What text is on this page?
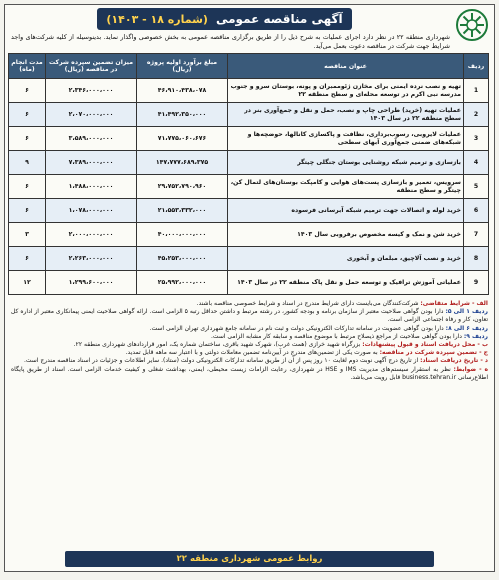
آگهی مناقصه عمومی
(شماره ۱۸ - ۱۴۰۳)
شهرداری منطقه ۲۲ در نظر دارد اجرای عملیات به شرح ذیل را از طریق برگزاری مناقصه عمومی به بخش خصوصی واگذار نماید. بدینوسیله از کلیه شرکت‌های واجد شرایط جهت شرکت در مناقصه دعوت بعمل می‌آید.
ردیف	عنوان مناقصه	مبلغ برآورد اولیه پروژه (ریال)	میزان تضمین سپرده شرکت در مناقصه (ریال)	مدت انجام (ماه)
1	تهیه و نصب نرده ایمنی برای مخازن ژئوممبران و پونه، بوستان سرو و جنوب مدرسه نبی اکرم در توسعه محله‌ای و سطح منطقه ۲۲	۴۶،۹۱۰،۴۳۸،۰۷۸	۲،۳۴۶،۰۰۰،۰۰۰	۶
2	عملیات تهیه (خرید) طراحی چاپ و نصب، حمل و نقل و جمع‌آوری بنر در سطح منطقه ۲۲ در سال ۱۴۰۳	۴۱،۴۹۲،۳۵۰،۰۰۰	۲،۰۷۰،۰۰۰،۰۰۰	۶
3	عملیات لایروبی، رسوب‌برداری، نظافت و پاکسازی کانالها، حوضچه‌ها و شبکه‌های ضمنی جمع‌آوری آبهای سطحی	۷۱،۷۷۵،۰۶۰،۶۷۶	۳،۵۸۹،۰۰۰،۰۰۰	۶
4	بازسازی و ترمیم شبکه روشنایی بوستان جنگلی چیتگر	۱۴۷،۷۷۷،۶۸۹،۳۷۵	۷،۳۸۹،۰۰۰،۰۰۰	۹
5	سرویس، تعمیر و بازسازی پست‌های هوایی و کامپکت بوستان‌های لتمال کن، چیتگر و سطح منطقه	۲۹،۷۵۲،۷۹۰،۹۶۰	۱،۴۸۸،۰۰۰،۰۰۰	۶
6	خرید لوله و اتصالات جهت ترمیم شبکه آبرسانی فرسوده	۲۱،۵۵۳،۳۳۲،۰۰۰	۱،۰۷۸،۰۰۰،۰۰۰	۶
7	خرید شن و نمک و کیسه مخصوص برفروبی سال ۱۴۰۳	۴۰،۰۰۰،۰۰۰،۰۰۰	۲،۰۰۰،۰۰۰،۰۰۰	۳
8	خرید و نصب آلاچیق، مبلمان و آبخوری	۴۵،۲۵۳،۰۰۰،۰۰۰	۲،۲۶۳،۰۰۰،۰۰۰	۶
9	عملیاتی آموزش ترافیک و توسعه حمل و نقل پاک منطقه ۲۲ در سال ۱۴۰۳	۲۵،۹۹۲،۰۰۰،۰۰۰	۱،۲۹۹،۶۰۰،۰۰۰	۱۲

الف - شرایط متقاضی: شرکت‌کنندگان می‌بایست دارای شرایط مندرج در اسناد و شرایط خصوصی مناقصه باشند.

ردیف ۱ الی ۵: دارا بودن گواهی صلاحیت معتبر از سازمان برنامه و بودجه کشور، در رشته مرتبط و داشتن حداقل رتبه ۵ الزامی است. ارائه گواهی صلاحیت ایمنی پیمانکاری معتبر از اداره کل تعاون، کار و رفاه اجتماعی الزامی است.

ردیف ۶ الی ۸: دارا بودن گواهی عضویت در سامانه تدارکات الکترونیکی دولت و ثبت نام در سامانه جامع شهرداری تهران الزامی است.

ردیف ۹: دارا بودن گواهی صلاحیت از مراجع ذیصلاح مرتبط با موضوع مناقصه و سابقه کار مشابه الزامی است.

ب - محل دریافت اسناد و قبول پیشنهادات: بزرگراه شهید خرازی (همت غرب)، شهرک شهید باقری، ساختمان شماره یک، امور قراردادهای شهرداری منطقه ۲۲.

ج - تضمین سپرده شرکت در مناقصه: به صورت یکی از تضمین‌های مندرج در آیین‌نامه تضمین معاملات دولتی و با اعتبار سه ماهه قابل تمدید.

د - تاریخ دریافت اسناد: از تاریخ درج آگهی نوبت دوم لغایت ۱۰ روز پس از آن از طریق سامانه تدارکات الکترونیکی دولت (ستاد). سایر اطلاعات و جزئیات در اسناد مناقصه مندرج است.

ه - ضوابط: نظر به استقرار سیستم‌های مدیریت IMS و HSE در شهرداری، رعایت الزامات زیست محیطی، ایمنی، بهداشت شغلی و کیفیت خدمات الزامی است. اسناد از طریق پایگاه اطلاع‌رسانی business.tehran.ir قابل رویت می‌باشد.

روابط عمومی شهرداری منطقه ۲۲
